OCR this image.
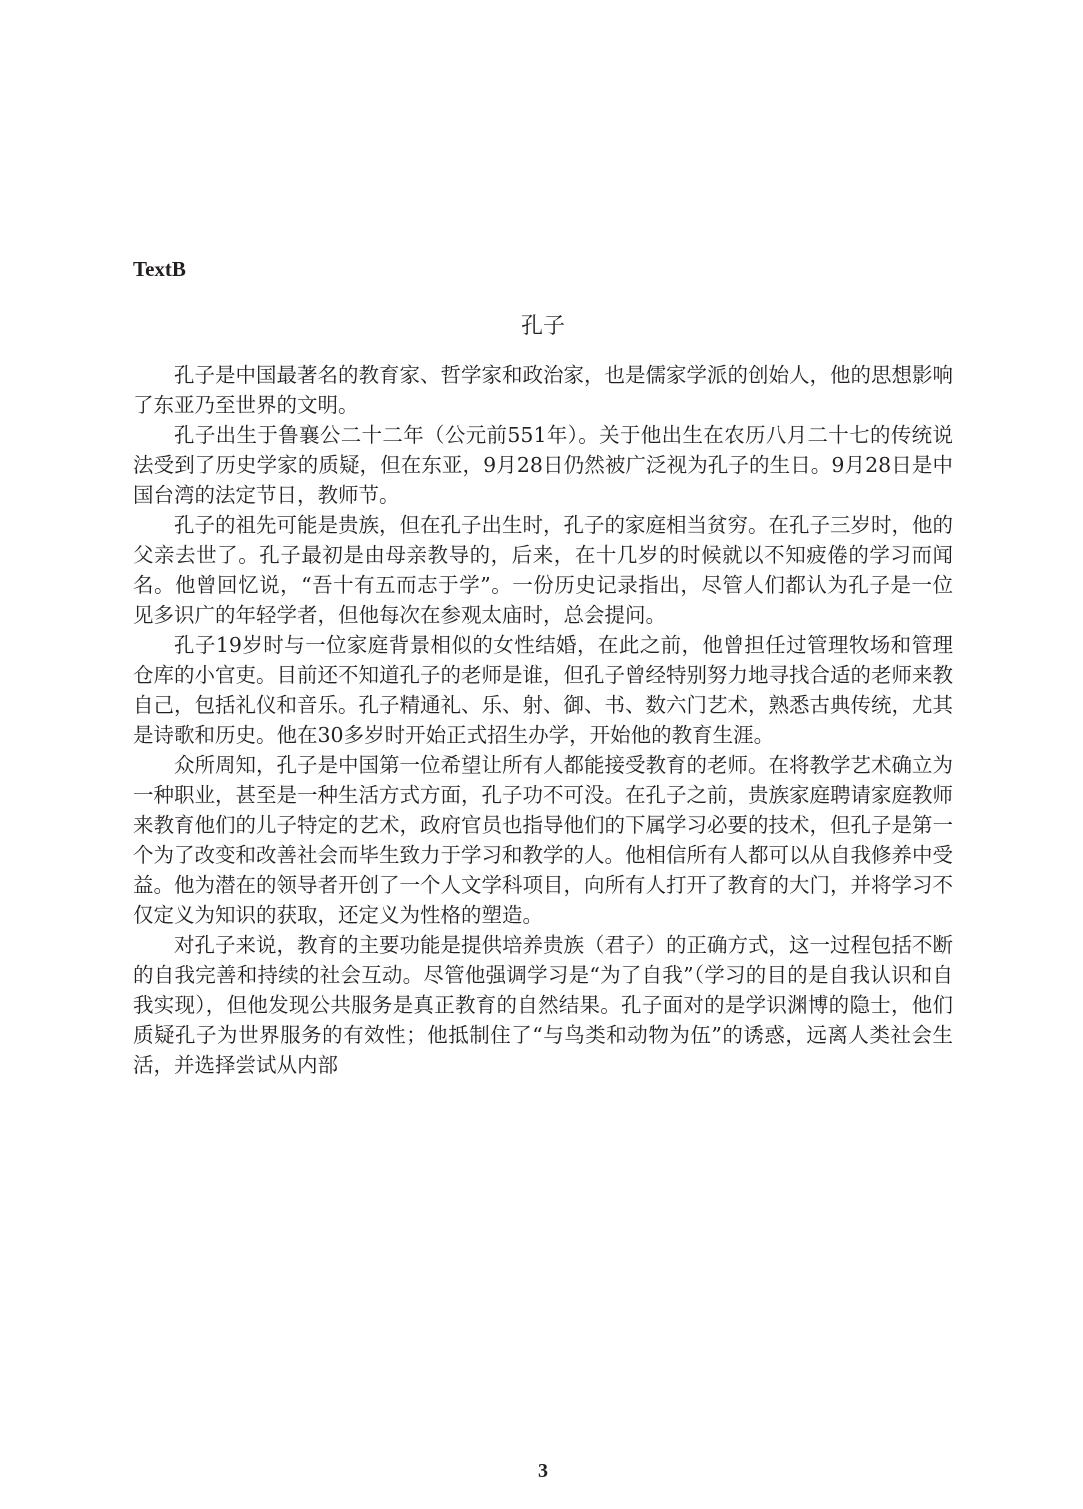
TextB
孔子

孔子是中国最著名的教育家、哲学家和政治家，也是儒家学派的创始人，他的思想影响了东亚乃至世界的文明。

孔子出生于鲁襄公二十二年（公元前551年）。关于他出生在农历八月二十七的传统说法受到了历史学家的质疑，但在东亚，9月28日仍然被广泛视为孔子的生日。9月28日是中国台湾的法定节日，教师节。

孔子的祖先可能是贵族，但在孔子出生时，孔子的家庭相当贫穷。在孔子三岁时，他的父亲去世了。孔子最初是由母亲教导的，后来，在十几岁的时候就以不知疲倦的学习而闻名。他曾回忆说，“吾十有五而志于学”。一份历史记录指出，尽管人们都认为孔子是一位见多识广的年轻学者，但他每次在参观太庙时，总会提问。

孔子19岁时与一位家庭背景相似的女性结婚，在此之前，他曾担任过管理牧场和管理仓库的小官吏。目前还不知道孔子的老师是谁，但孔子曾经特别努力地寻找合适的老师来教自己，包括礼仪和音乐。孔子精通礼、乐、射、御、书、数六门艺术，熟悉古典传统，尤其是诗歌和历史。他在30多岁时开始正式招生办学，开始他的教育生涯。

众所周知，孔子是中国第一位希望让所有人都能接受教育的老师。在将教学艺术确立为一种职业，甚至是一种生活方式方面，孔子功不可没。在孔子之前，贵族家庭聘请家庭教师来教育他们的儿子特定的艺术，政府官员也指导他们的下属学习必要的技术，但孔子是第一个为了改变和改善社会而毕生致力于学习和教学的人。他相信所有人都可以从自我修养中受益。他为潜在的领导者开创了一个人文学科项目，向所有人打开了教育的大门，并将学习不仅定义为知识的获取，还定义为性格的塑造。

对孔子来说，教育的主要功能是提供培养贵族（君子）的正确方式，这一过程包括不断的自我完善和持续的社会互动。尽管他强调学习是“为了自我”（学习的目的是自我认识和自我实现），但他发现公共服务是真正教育的自然结果。孔子面对的是学识渊博的隐士，他们质疑孔子为世界服务的有效性；他抵制住了“与鸟类和动物为伍”的诱惑，远离人类社会生活，并选择尝试从内部

3
